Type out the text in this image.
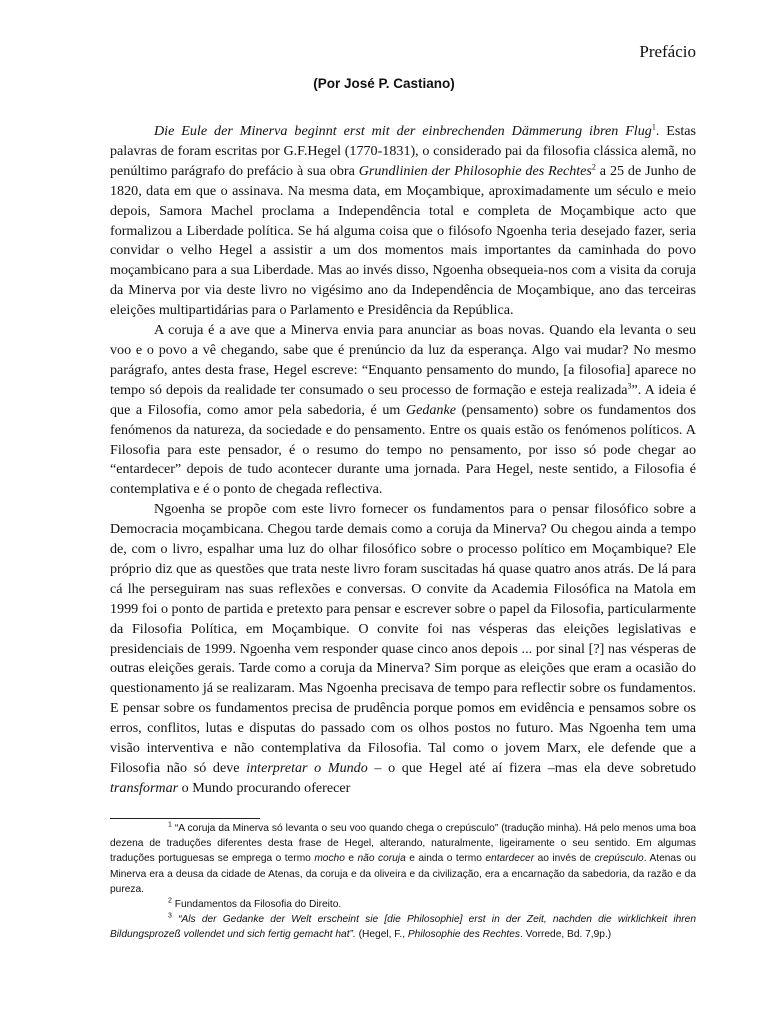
Prefácio
(Por José P. Castiano)

Die Eule der Minerva beginnt erst mit der einbrechenden Dämmerung ibren Flug$^1$. Estas palavras de foram escritas por G.F.Hegel (1770-1831), o considerado pai da filosofia clássica alemã, no penúltimo parágrafo do prefácio à sua obra Grundlinien der Philosophie des Rechtes$^2$ a 25 de Junho de 1820, data em que o assinava. Na mesma data, em Moçambique, aproximadamente um século e meio depois, Samora Machel proclama a Independência total e completa de Moçambique acto que formalizou a Liberdade política. Se há alguma coisa que o filósofo Ngoenha teria desejado fazer, seria convidar o velho Hegel a assistir a um dos momentos mais importantes da caminhada do povo moçambicano para a sua Liberdade. Mas ao invés disso, Ngoenha obsequeia-nos com a visita da coruja da Minerva por via deste livro no vigésimo ano da Independência de Moçambique, ano das terceiras eleições multipartidárias para o Parlamento e Presidência da República.

A coruja é a ave que a Minerva envia para anunciar as boas novas. Quando ela levanta o seu voo e o povo a vê chegando, sabe que é prenúncio da luz da esperança. Algo vai mudar? No mesmo parágrafo, antes desta frase, Hegel escreve: “Enquanto pensamento do mundo, [a filosofia] aparece no tempo só depois da realidade ter consumado o seu processo de formação e esteja realizada$^3$”. A ideia é que a Filosofia, como amor pela sabedoria, é um Gedanke (pensamento) sobre os fundamentos dos fenómenos da natureza, da sociedade e do pensamento. Entre os quais estão os fenómenos políticos. A Filosofia para este pensador, é o resumo do tempo no pensamento, por isso só pode chegar ao “entardecer” depois de tudo acontecer durante uma jornada. Para Hegel, neste sentido, a Filosofia é contemplativa e é o ponto de chegada reflectiva.

Ngoenha se propõe com este livro fornecer os fundamentos para o pensar filosófico sobre a Democracia moçambicana. Chegou tarde demais como a coruja da Minerva? Ou chegou ainda a tempo de, com o livro, espalhar uma luz do olhar filosófico sobre o processo político em Moçambique? Ele próprio diz que as questões que trata neste livro foram suscitadas há quase quatro anos atrás. De lá para cá lhe perseguiram nas suas reflexões e conversas. O convite da Academia Filosófica na Matola em 1999 foi o ponto de partida e pretexto para pensar e escrever sobre o papel da Filosofia, particularmente da Filosofia Política, em Moçambique. O convite foi nas vésperas das eleições legislativas e presidenciais de 1999. Ngoenha vem responder quase cinco anos depois ... por sinal [?] nas vésperas de outras eleições gerais. Tarde como a coruja da Minerva? Sim porque as eleições que eram a ocasião do questionamento já se realizaram. Mas Ngoenha precisava de tempo para reflectir sobre os fundamentos. E pensar sobre os fundamentos precisa de prudência porque pomos em evidência e pensamos sobre os erros, conflitos, lutas e disputas do passado com os olhos postos no futuro. Mas Ngoenha tem uma visão interventiva e não contemplativa da Filosofia. Tal como o jovem Marx, ele defende que a Filosofia não só deve interpretar o Mundo – o que Hegel até aí fizera –mas ela deve sobretudo transformar o Mundo procurando oferecer

$^1$ “A coruja da Minerva só levanta o seu voo quando chega o crepúsculo” (tradução minha). Há pelo menos uma boa dezena de traduções diferentes desta frase de Hegel, alterando, naturalmente, ligeiramente o seu sentido. Em algumas traduções portuguesas se emprega o termo mocho e não coruja e ainda o termo entardecer ao invés de crepúsculo. Atenas ou Minerva era a deusa da cidade de Atenas, da coruja e da oliveira e da civilização, era a encarnação da sabedoria, da razão e da pureza.

$^2$ Fundamentos da Filosofia do Direito.

$^3$ “Als der Gedanke der Welt erscheint sie [die Philosophie] erst in der Zeit, nachden die wirklichkeit ihren Bildungsprozeß vollendet und sich fertig gemacht hat”. (Hegel, F., Philosophie des Rechtes. Vorrede, Bd. 7,9p.)
